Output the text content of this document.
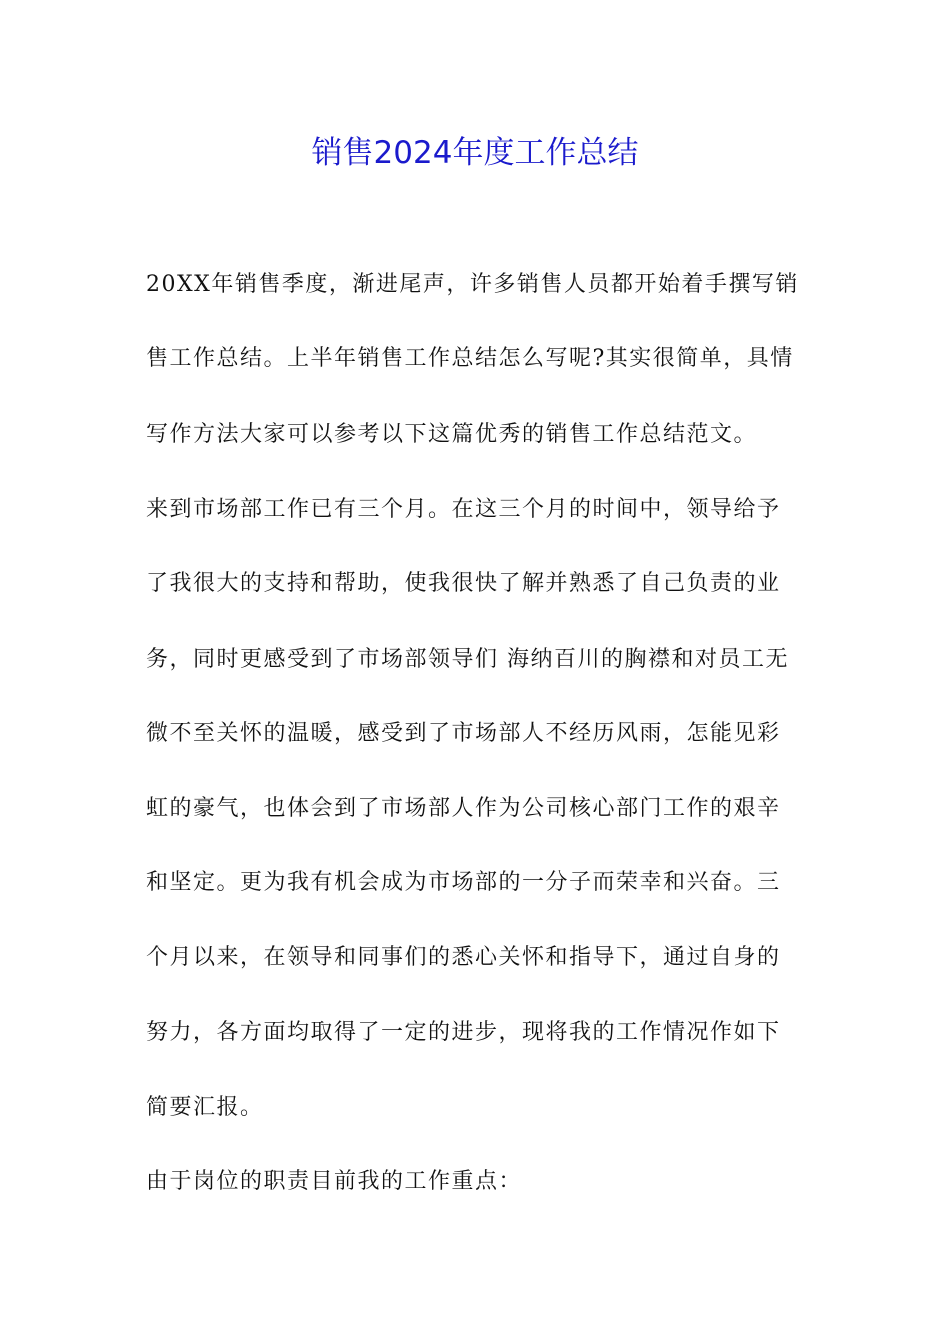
销售2024年度工作总结
20XX年销售季度，渐进尾声，许多销售人员都开始着手撰写销
售工作总结。上半年销售工作总结怎么写呢?其实很简单，具情
写作方法大家可以参考以下这篇优秀的销售工作总结范文。
来到市场部工作已有三个月。在这三个月的时间中，领导给予
了我很大的支持和帮助，使我很快了解并熟悉了自己负责的业
务，同时更感受到了市场部领导们 海纳百川的胸襟和对员工无
微不至关怀的温暖，感受到了市场部人不经历风雨，怎能见彩
虹的豪气，也体会到了市场部人作为公司核心部门工作的艰辛
和坚定。更为我有机会成为市场部的一分子而荣幸和兴奋。三
个月以来，在领导和同事们的悉心关怀和指导下，通过自身的
努力，各方面均取得了一定的进步，现将我的工作情况作如下
简要汇报。
由于岗位的职责目前我的工作重点：
